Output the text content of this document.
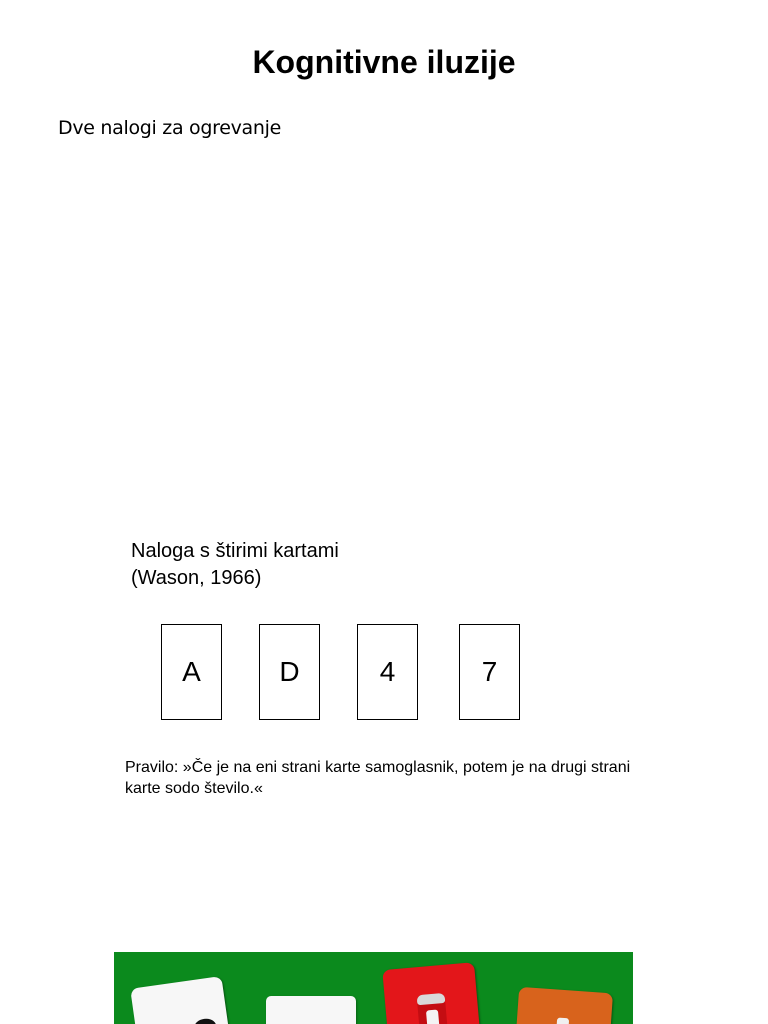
Kognitivne iluzije
Dve nalogi za ogrevanje
Naloga s štirimi kartami
(Wason, 1966)
A	D	4	7
Pravilo: »Če je na eni strani karte samoglasnik, potem je na drugi strani karte sodo število.«
